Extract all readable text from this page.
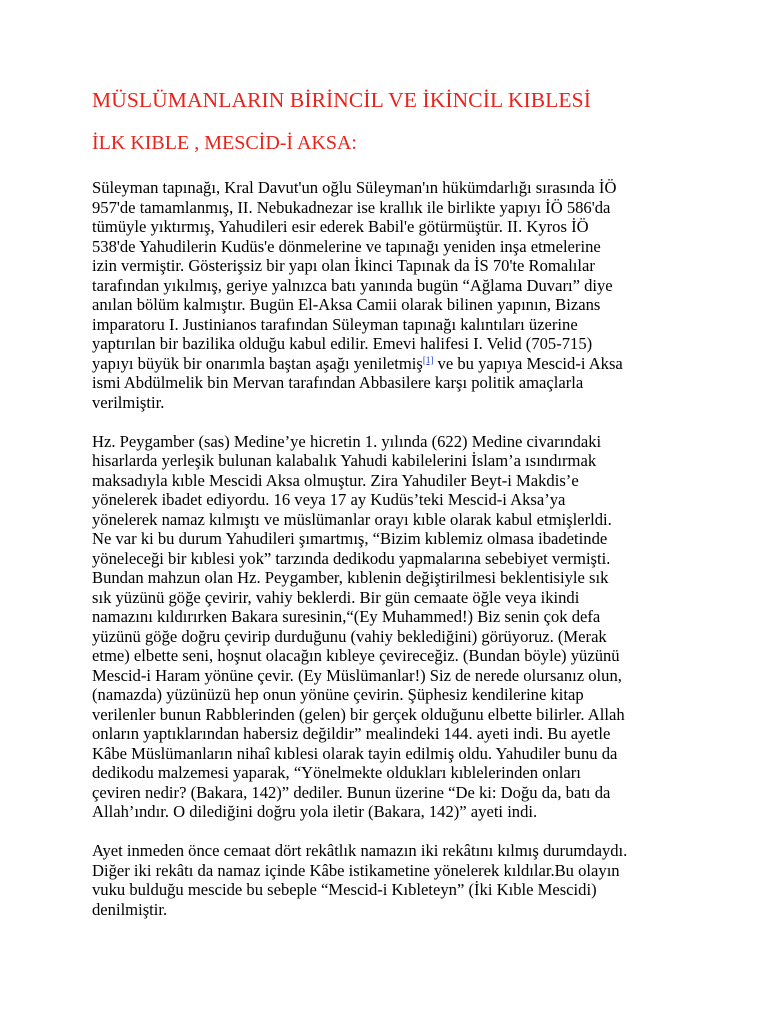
MÜSLÜMANLARIN BİRİNCİL VE İKİNCİL KIBLESİ
İLK KIBLE , MESCİD-İ AKSA:

Süleyman tapınağı, Kral Davut'un oğlu Süleyman'ın hükümdarlığı sırasında İÖ
957'de tamamlanmış, II. Nebukadnezar ise krallık ile birlikte yapıyı İÖ 586'da
tümüyle yıktırmış, Yahudileri esir ederek Babil'e götürmüştür. II. Kyros İÖ
538'de Yahudilerin Kudüs'e dönmelerine ve tapınağı yeniden inşa etmelerine
izin vermiştir. Gösterişsiz bir yapı olan İkinci Tapınak da İS 70'te Romalılar
tarafından yıkılmış, geriye yalnızca batı yanında bugün “Ağlama Duvarı” diye
anılan bölüm kalmıştır. Bugün El-Aksa Camii olarak bilinen yapının, Bizans
imparatoru I. Justinianos tarafından Süleyman tapınağı kalıntıları üzerine
yaptırılan bir bazilika olduğu kabul edilir. Emevi halifesi I. Velid (705-715)
yapıyı büyük bir onarımla baştan aşağı yeniletmiş[1] ve bu yapıya Mescid-i Aksa
ismi Abdülmelik bin Mervan tarafından Abbasilere karşı politik amaçlarla
verilmiştir.

Hz. Peygamber (sas) Medine’ye hicretin 1. yılında (622) Medine civarındaki
hisarlarda yerleşik bulunan kalabalık Yahudi kabilelerini İslam’a ısındırmak
maksadıyla kıble Mescidi Aksa olmuştur. Zira Yahudiler Beyt-i Makdis’e
yönelerek ibadet ediyordu. 16 veya 17 ay Kudüs’teki Mescid-i Aksa’ya
yönelerek namaz kılmıştı ve müslümanlar orayı kıble olarak kabul etmişlerldi.
Ne var ki bu durum Yahudileri şımartmış, “Bizim kıblemiz olmasa ibadetinde
yöneleceği bir kıblesi yok” tarzında dedikodu yapmalarına sebebiyet vermişti.
Bundan mahzun olan Hz. Peygamber, kıblenin değiştirilmesi beklentisiyle sık
sık yüzünü göğe çevirir, vahiy beklerdi. Bir gün cemaate öğle veya ikindi
namazını kıldırırken Bakara suresinin,“(Ey Muhammed!) Biz senin çok defa
yüzünü göğe doğru çevirip durduğunu (vahiy beklediğini) görüyoruz. (Merak
etme) elbette seni, hoşnut olacağın kıbleye çevireceğiz. (Bundan böyle) yüzünü
Mescid-i Haram yönüne çevir. (Ey Müslümanlar!) Siz de nerede olursanız olun,
(namazda) yüzünüzü hep onun yönüne çevirin. Şüphesiz kendilerine kitap
verilenler bunun Rabblerinden (gelen) bir gerçek olduğunu elbette bilirler. Allah
onların yaptıklarından habersiz değildir” mealindeki 144. ayeti indi. Bu ayetle
Kâbe Müslümanların nihaî kıblesi olarak tayin edilmiş oldu. Yahudiler bunu da
dedikodu malzemesi yaparak, “Yönelmekte oldukları kıblelerinden onları
çeviren nedir? (Bakara, 142)” dediler. Bunun üzerine “De ki: Doğu da, batı da
Allah’ındır. O dilediğini doğru yola iletir (Bakara, 142)” ayeti indi.

Ayet inmeden önce cemaat dört rekâtlık namazın iki rekâtını kılmış durumdaydı.
Diğer iki rekâtı da namaz içinde Kâbe istikametine yönelerek kıldılar.Bu olayın
vuku bulduğu mescide bu sebeple “Mescid-i Kıbleteyn” (İki Kıble Mescidi)
denilmiştir.
